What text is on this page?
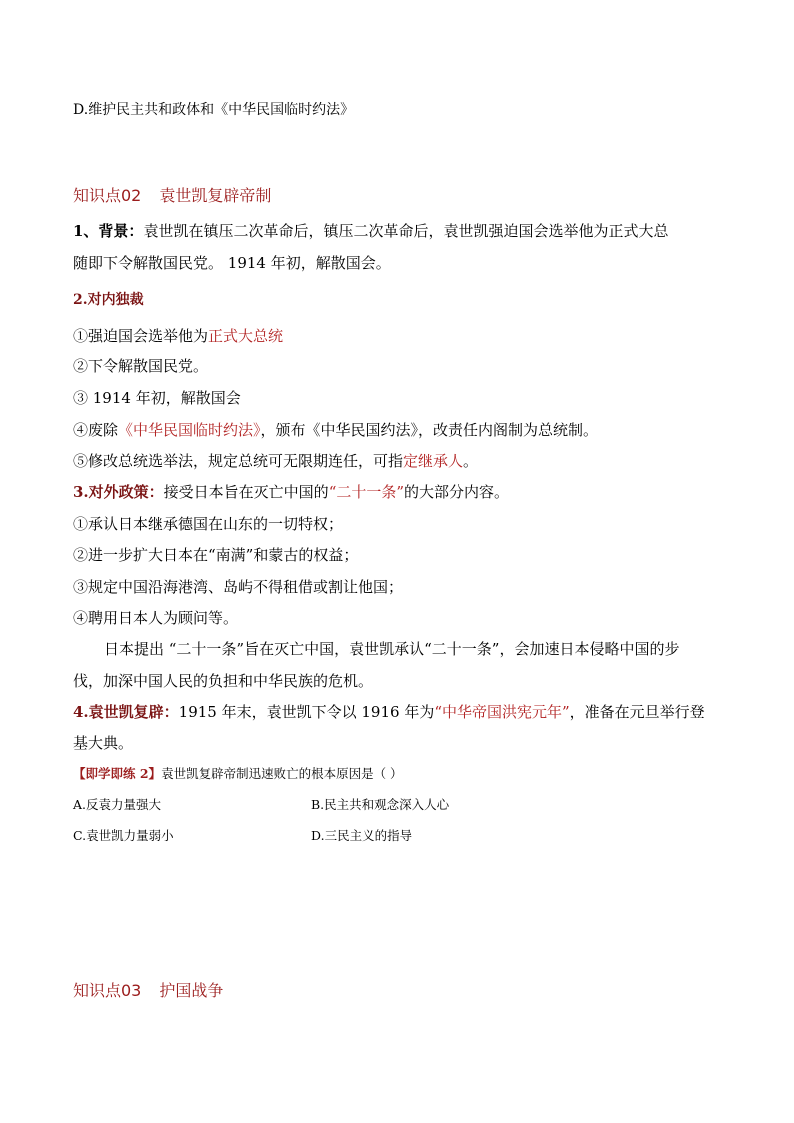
D.维护民主共和政体和《中华民国临时约法》
知识点02 袁世凯复辟帝制
1、背景：袁世凯在镇压二次革命后，镇压二次革命后，袁世凯强迫国会选举他为正式大总
随即下令解散国民党。 1914 年初，解散国会。
2.对内独裁
①强迫国会选举他为正式大总统
②下令解散国民党。
③ 1914 年初，解散国会
④废除《中华民国临时约法》，颁布《中华民国约法》，改责任内阁制为总统制。
⑤修改总统选举法，规定总统可无限期连任，可指定继承人。
3.对外政策：接受日本旨在灭亡中国的“二十一条”的大部分内容。
①承认日本继承德国在山东的一切特权；
②进一步扩大日本在“南满”和蒙古的权益；
③规定中国沿海港湾、岛屿不得租借或割让他国；
④聘用日本人为顾问等。
日本提出 “二十一条”旨在灭亡中国，袁世凯承认“二十一条”，会加速日本侵略中国的步
伐，加深中国人民的负担和中华民族的危机。
4.袁世凯复辟：1915 年末，袁世凯下令以 1916 年为“中华帝国洪宪元年”，准备在元旦举行登
基大典。
【即学即练 2】袁世凯复辟帝制迅速败亡的根本原因是（ ）
A.反袁力量强大	B.民主共和观念深入人心
C.袁世凯力量弱小	D.三民主义的指导
知识点03 护国战争
